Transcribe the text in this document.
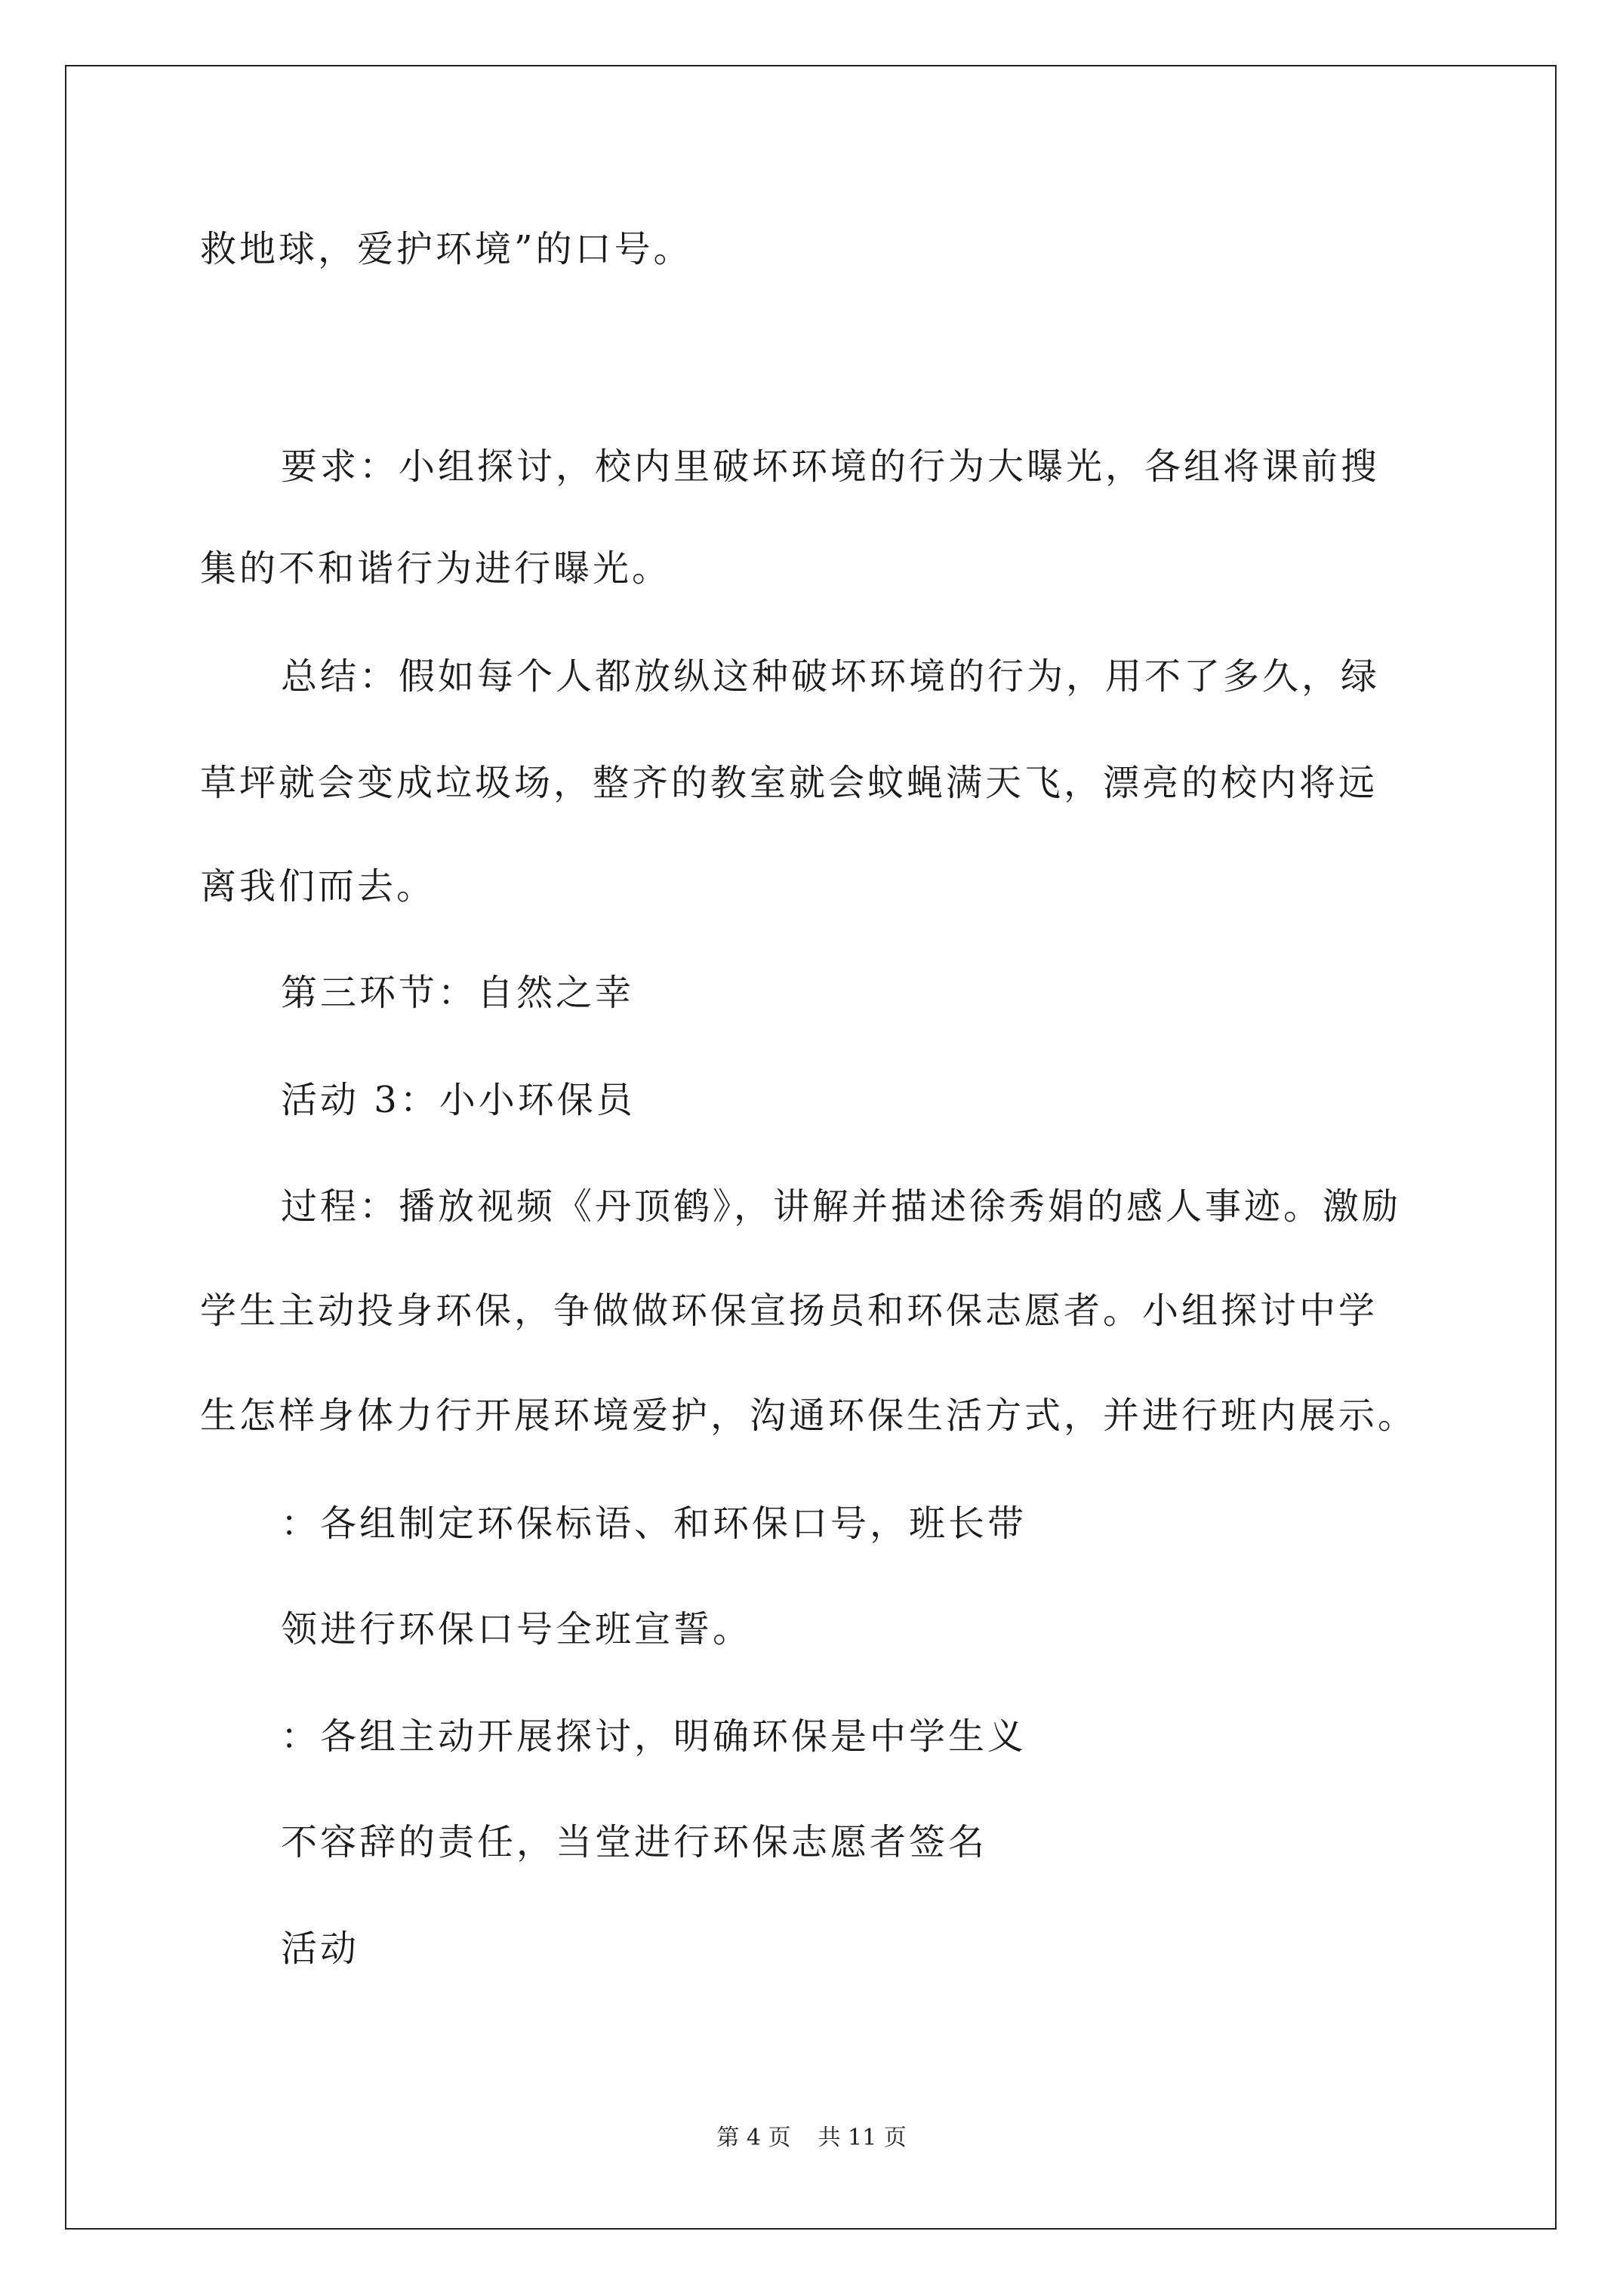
救地球，爱护环境”的口号。

要求：小组探讨，校内里破坏环境的行为大曝光，各组将课前搜

集的不和谐行为进行曝光。

总结：假如每个人都放纵这种破坏环境的行为，用不了多久，绿

草坪就会变成垃圾场，整齐的教室就会蚊蝇满天飞，漂亮的校内将远

离我们而去。

第三环节：自然之幸

活动 3：小小环保员

过程：播放视频《丹顶鹤》，讲解并描述徐秀娟的感人事迹。激励

学生主动投身环保，争做做环保宣扬员和环保志愿者。小组探讨中学

生怎样身体力行开展环境爱护，沟通环保生活方式，并进行班内展示。

：各组制定环保标语、和环保口号，班长带

领进行环保口号全班宣誓。

：各组主动开展探讨，明确环保是中学生义

不容辞的责任，当堂进行环保志愿者签名

活动

第 4 页 共 11 页
